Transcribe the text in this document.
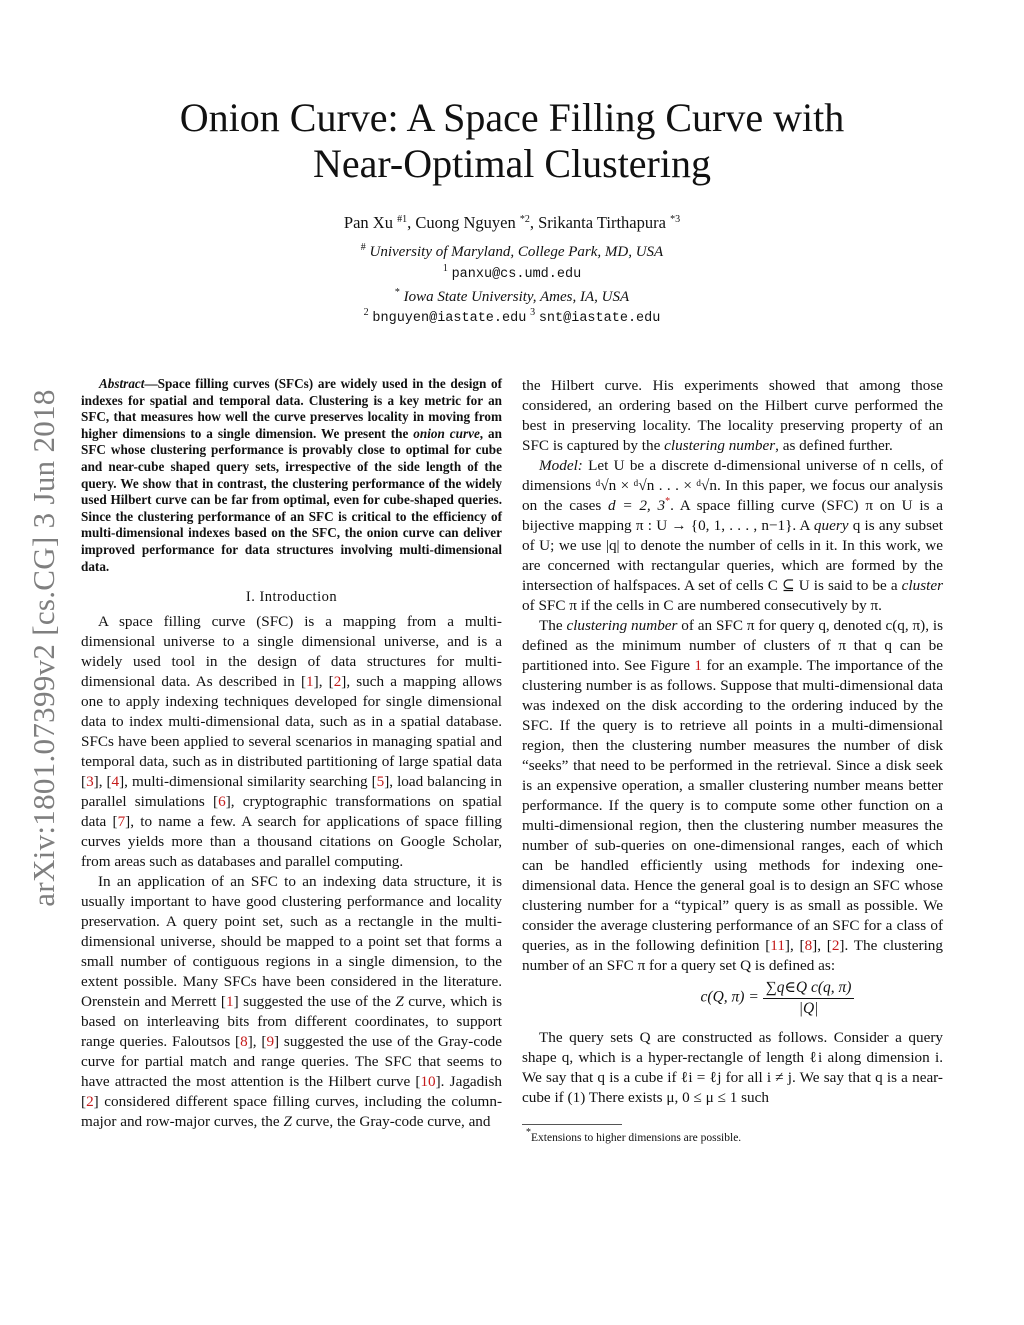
arXiv:1801.07399v2 [cs.CG] 3 Jun 2018
Onion Curve: A Space Filling Curve with
Near-Optimal Clustering
Pan Xu $^{\#1}$, Cuong Nguyen $^{*2}$, Srikanta Tirthapura $^{*3}$
# University of Maryland, College Park, MD, USA
$^1$ panxu@cs.umd.edu
* Iowa State University, Ames, IA, USA
$^2$ bnguyen@iastate.edu $^3$ snt@iastate.edu

Abstract—Space filling curves (SFCs) are widely used in the design of indexes for spatial and temporal data. Clustering is a key metric for an SFC, that measures how well the curve preserves locality in moving from higher dimensions to a single dimension. We present the onion curve, an SFC whose clustering performance is provably close to optimal for cube and near-cube shaped query sets, irrespective of the side length of the query. We show that in contrast, the clustering performance of the widely used Hilbert curve can be far from optimal, even for cube-shaped queries. Since the clustering performance of an SFC is critical to the efficiency of multi-dimensional indexes based on the SFC, the onion curve can deliver improved performance for data structures involving multi-dimensional data.

I. Introduction

A space filling curve (SFC) is a mapping from a multi-dimensional universe to a single dimensional universe, and is a widely used tool in the design of data structures for multi-dimensional data. As described in [1], [2], such a mapping allows one to apply indexing techniques developed for single dimensional data to index multi-dimensional data, such as in a spatial database. SFCs have been applied to several scenarios in managing spatial and temporal data, such as in distributed partitioning of large spatial data [3], [4], multi-dimensional similarity searching [5], load balancing in parallel simulations [6], cryptographic transformations on spatial data [7], to name a few. A search for applications of space filling curves yields more than a thousand citations on Google Scholar, from areas such as databases and parallel computing.

In an application of an SFC to an indexing data structure, it is usually important to have good clustering performance and locality preservation. A query point set, such as a rectangle in the multi-dimensional universe, should be mapped to a point set that forms a small number of contiguous regions in a single dimension, to the extent possible. Many SFCs have been considered in the literature. Orenstein and Merrett [1] suggested the use of the Z curve, which is based on interleaving bits from different coordinates, to support range queries. Faloutsos [8], [9] suggested the use of the Gray-code curve for partial match and range queries. The SFC that seems to have attracted the most attention is the Hilbert curve [10]. Jagadish [2] considered different space filling curves, including the column-major and row-major curves, the Z curve, the Gray-code curve, and

the Hilbert curve. His experiments showed that among those considered, an ordering based on the Hilbert curve performed the best in preserving locality. The locality preserving property of an SFC is captured by the clustering number, as defined further.

Model: Let U be a discrete d-dimensional universe of n cells, of dimensions ᵈ√n × ᵈ√n . . . × ᵈ√n. In this paper, we focus our analysis on the cases d = 2, 3*. A space filling curve (SFC) π on U is a bijective mapping π : U → {0, 1, . . . , n−1}. A query q is any subset of U; we use |q| to denote the number of cells in it. In this work, we are concerned with rectangular queries, which are formed by the intersection of halfspaces. A set of cells C ⊆ U is said to be a cluster of SFC π if the cells in C are numbered consecutively by π.

The clustering number of an SFC π for query q, denoted c(q, π), is defined as the minimum number of clusters of π that q can be partitioned into. See Figure 1 for an example. The importance of the clustering number is as follows. Suppose that multi-dimensional data was indexed on the disk according to the ordering induced by the SFC. If the query is to retrieve all points in a multi-dimensional region, then the clustering number measures the number of disk “seeks” that need to be performed in the retrieval. Since a disk seek is an expensive operation, a smaller clustering number means better performance. If the query is to compute some other function on a multi-dimensional region, then the clustering number measures the number of sub-queries on one-dimensional ranges, each of which can be handled efficiently using methods for indexing one-dimensional data. Hence the general goal is to design an SFC whose clustering number for a “typical” query is as small as possible. We consider the average clustering performance of an SFC for a class of queries, as in the following definition [11], [8], [2]. The clustering number of an SFC π for a query set Q is defined as:

c(Q, $\pi) = \frac{\text{∑q∈Q c(q, π)}}{|Q|}$

The query sets Q are constructed as follows. Consider a query shape q, which is a hyper-rectangle of length ℓi along dimension i. We say that q is a cube if ℓi = ℓj for all i ≠ j. We say that q is a near-cube if (1) There exists μ, 0 ≤ μ ≤ 1 such

*Extensions to higher dimensions are possible.
